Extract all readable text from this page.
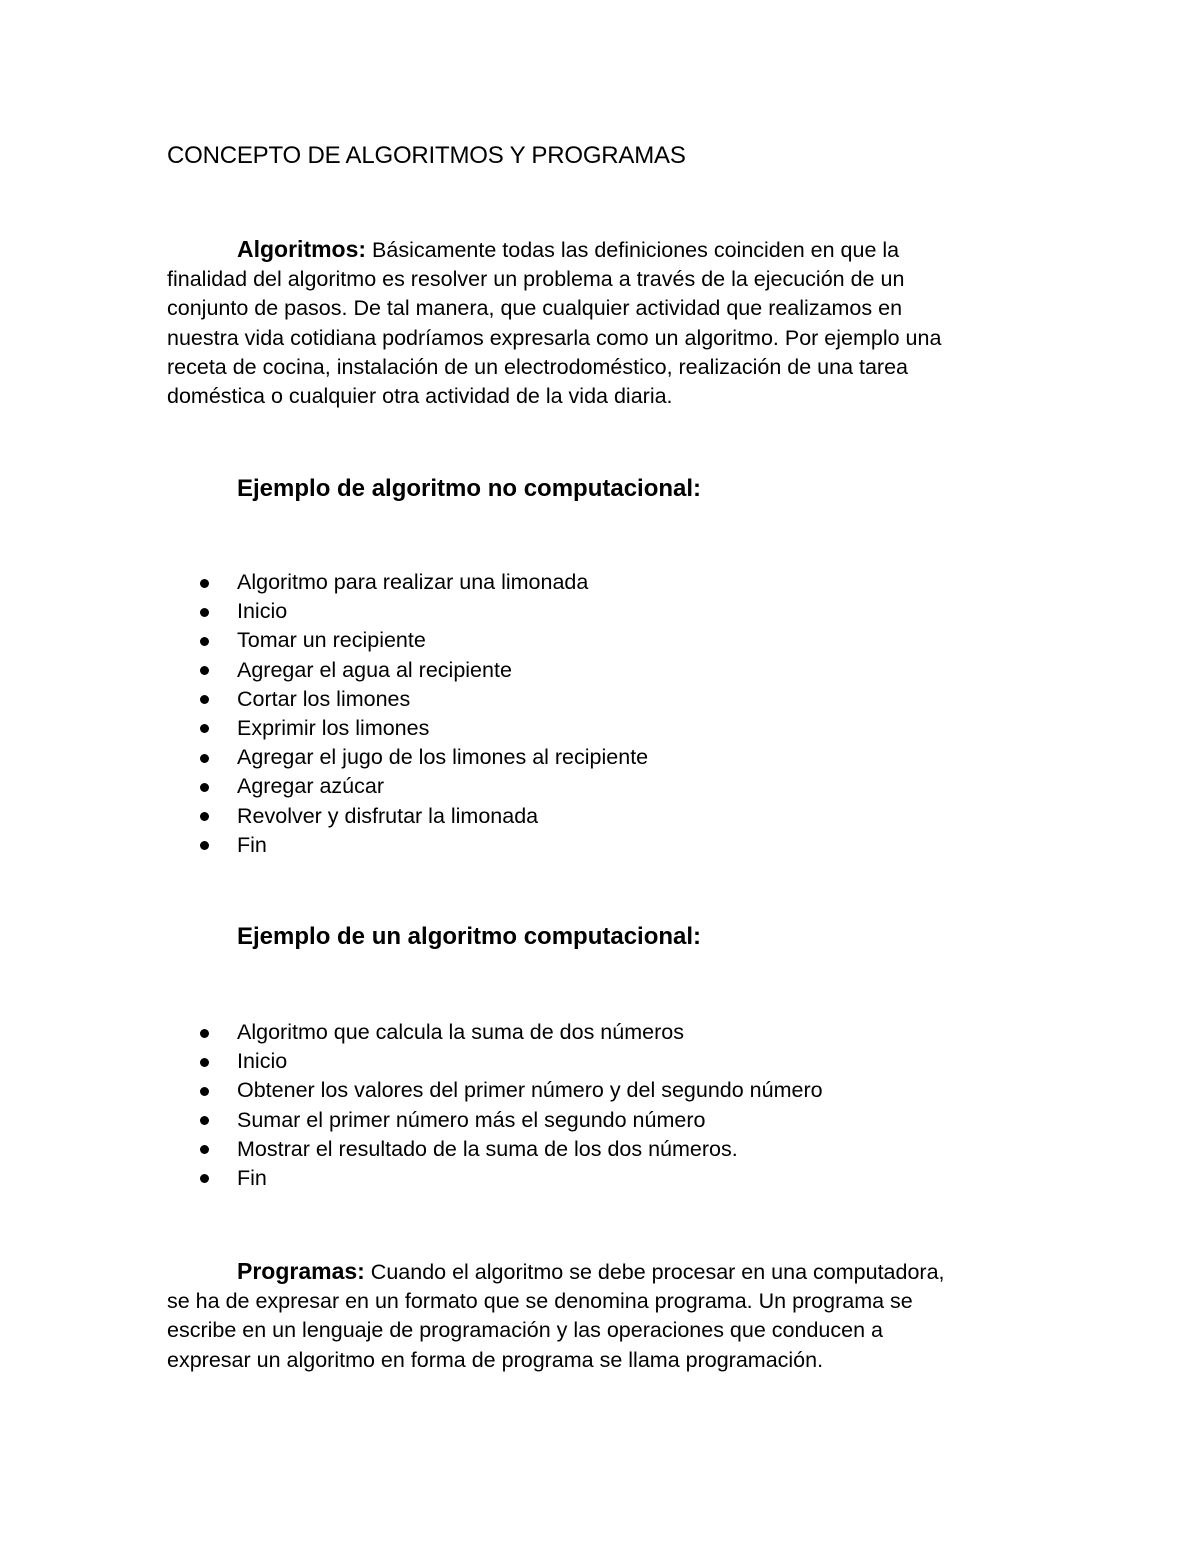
CONCEPTO DE ALGORITMOS Y PROGRAMAS

Algoritmos: Básicamente todas las definiciones coinciden en que la
finalidad del algoritmo es resolver un problema a través de la ejecución de un
conjunto de pasos. De tal manera, que cualquier actividad que realizamos en
nuestra vida cotidiana podríamos expresarla como un algoritmo. Por ejemplo una
receta de cocina, instalación de un electrodoméstico, realización de una tarea
doméstica o cualquier otra actividad de la vida diaria.

Ejemplo de algoritmo no computacional:
Algoritmo para realizar una limonada
Inicio
Tomar un recipiente
Agregar el agua al recipiente
Cortar los limones
Exprimir los limones
Agregar el jugo de los limones al recipiente
Agregar azúcar
Revolver y disfrutar la limonada
Fin
Ejemplo de un algoritmo computacional:
Algoritmo que calcula la suma de dos números
Inicio
Obtener los valores del primer número y del segundo número
Sumar el primer número más el segundo número
Mostrar el resultado de la suma de los dos números.
Fin

Programas: Cuando el algoritmo se debe procesar en una computadora,
se ha de expresar en un formato que se denomina programa. Un programa se
escribe en un lenguaje de programación y las operaciones que conducen a
expresar un algoritmo en forma de programa se llama programación.
